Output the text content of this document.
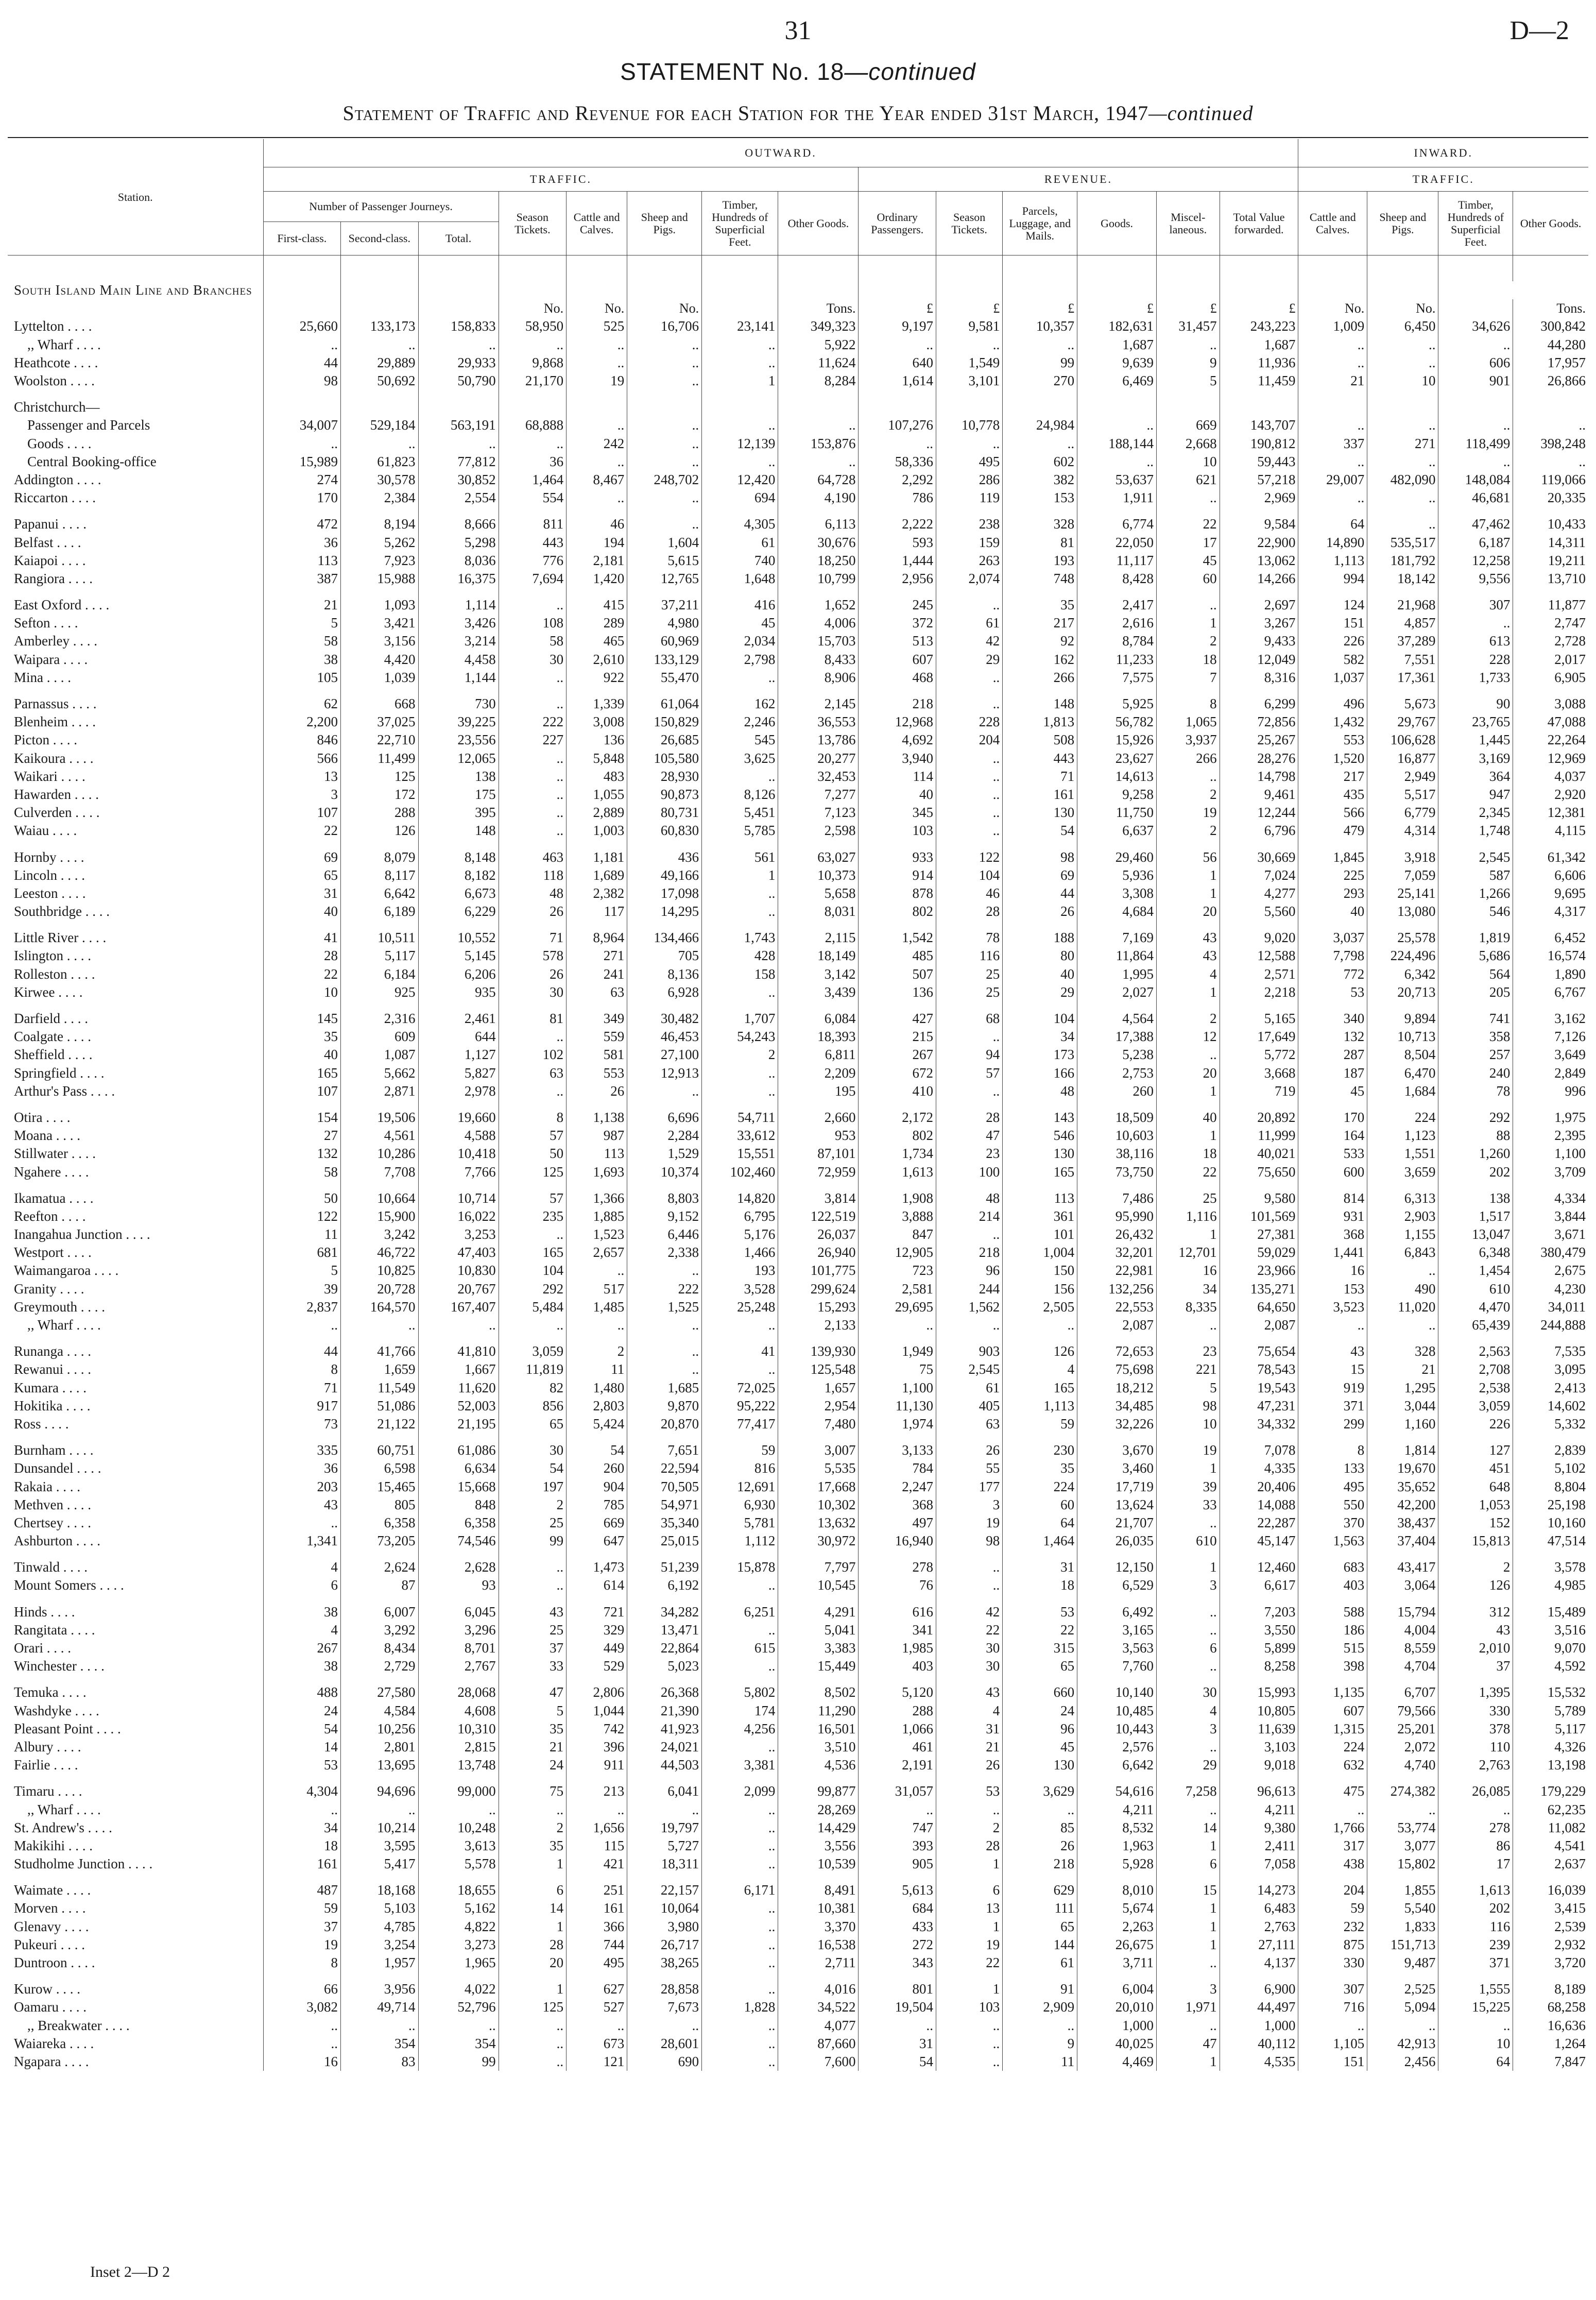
31	D—2
STATEMENT No. 18—continued
Statement of Traffic and Revenue for each Station for the Year ended 31st March, 1947—continued
Station.	OUTWARD.														INWARD.			
	TRAFFIC.								REVENUE.						TRAFFIC.			
	Number of Passenger Journeys.			Season Tickets.	Cattle and Calves.	Sheep and Pigs.	Timber, Hundreds of Superficial Feet.	Other Goods.	Ordinary Passengers.	Season Tickets.	Parcels, Luggage, and Mails.	Goods.	Miscel-laneous.	Total Value forwarded.	Cattle and Calves.	Sheep and Pigs.	Timber, Hundreds of Superficial Feet.	Other Goods.
	First-class.	Second-class.	Total.															

South Island Main Line and Branches																		
				No.	No.	No.		Tons.	£	£	£	£	£	£	No.	No.		Tons.
Lyttelton . . . .	25,660	133,173	158,833	58,950	525	16,706	23,141	349,323	9,197	9,581	10,357	182,631	31,457	243,223	1,009	6,450	34,626	300,842
,, Wharf . . . .	..	..	..	..	..	..	..	5,922	..	..	..	1,687	..	1,687	..	..	..	44,280
Heathcote . . . .	44	29,889	29,933	9,868	..	..	..	11,624	640	1,549	99	9,639	9	11,936	..	..	606	17,957
Woolston . . . .	98	50,692	50,790	21,170	19	..	1	8,284	1,614	3,101	270	6,469	5	11,459	21	10	901	26,866

Christchurch—																		
Passenger and Parcels	34,007	529,184	563,191	68,888	..	..	..	..	107,276	10,778	24,984	..	669	143,707	..	..	..	..
Goods . . . .	..	..	..	..	242	..	12,139	153,876	..	..	..	188,144	2,668	190,812	337	271	118,499	398,248
Central Booking-office	15,989	61,823	77,812	36	..	..	..	..	58,336	495	602	..	10	59,443	..	..	..	..
Addington . . . .	274	30,578	30,852	1,464	8,467	248,702	12,420	64,728	2,292	286	382	53,637	621	57,218	29,007	482,090	148,084	119,066
Riccarton . . . .	170	2,384	2,554	554	..	..	694	4,190	786	119	153	1,911	..	2,969	..	..	46,681	20,335

Papanui . . . .	472	8,194	8,666	811	46	..	4,305	6,113	2,222	238	328	6,774	22	9,584	64	..	47,462	10,433
Belfast . . . .	36	5,262	5,298	443	194	1,604	61	30,676	593	159	81	22,050	17	22,900	14,890	535,517	6,187	14,311
Kaiapoi . . . .	113	7,923	8,036	776	2,181	5,615	740	18,250	1,444	263	193	11,117	45	13,062	1,113	181,792	12,258	19,211
Rangiora . . . .	387	15,988	16,375	7,694	1,420	12,765	1,648	10,799	2,956	2,074	748	8,428	60	14,266	994	18,142	9,556	13,710

East Oxford . . . .	21	1,093	1,114	..	415	37,211	416	1,652	245	..	35	2,417	..	2,697	124	21,968	307	11,877
Sefton . . . .	5	3,421	3,426	108	289	4,980	45	4,006	372	61	217	2,616	1	3,267	151	4,857	..	2,747
Amberley . . . .	58	3,156	3,214	58	465	60,969	2,034	15,703	513	42	92	8,784	2	9,433	226	37,289	613	2,728
Waipara . . . .	38	4,420	4,458	30	2,610	133,129	2,798	8,433	607	29	162	11,233	18	12,049	582	7,551	228	2,017
Mina . . . .	105	1,039	1,144	..	922	55,470	..	8,906	468	..	266	7,575	7	8,316	1,037	17,361	1,733	6,905

Parnassus . . . .	62	668	730	..	1,339	61,064	162	2,145	218	..	148	5,925	8	6,299	496	5,673	90	3,088
Blenheim . . . .	2,200	37,025	39,225	222	3,008	150,829	2,246	36,553	12,968	228	1,813	56,782	1,065	72,856	1,432	29,767	23,765	47,088
Picton . . . .	846	22,710	23,556	227	136	26,685	545	13,786	4,692	204	508	15,926	3,937	25,267	553	106,628	1,445	22,264
Kaikoura . . . .	566	11,499	12,065	..	5,848	105,580	3,625	20,277	3,940	..	443	23,627	266	28,276	1,520	16,877	3,169	12,969
Waikari . . . .	13	125	138	..	483	28,930	..	32,453	114	..	71	14,613	..	14,798	217	2,949	364	4,037
Hawarden . . . .	3	172	175	..	1,055	90,873	8,126	7,277	40	..	161	9,258	2	9,461	435	5,517	947	2,920
Culverden . . . .	107	288	395	..	2,889	80,731	5,451	7,123	345	..	130	11,750	19	12,244	566	6,779	2,345	12,381
Waiau . . . .	22	126	148	..	1,003	60,830	5,785	2,598	103	..	54	6,637	2	6,796	479	4,314	1,748	4,115

Hornby . . . .	69	8,079	8,148	463	1,181	436	561	63,027	933	122	98	29,460	56	30,669	1,845	3,918	2,545	61,342
Lincoln . . . .	65	8,117	8,182	118	1,689	49,166	1	10,373	914	104	69	5,936	1	7,024	225	7,059	587	6,606
Leeston . . . .	31	6,642	6,673	48	2,382	17,098	..	5,658	878	46	44	3,308	1	4,277	293	25,141	1,266	9,695
Southbridge . . . .	40	6,189	6,229	26	117	14,295	..	8,031	802	28	26	4,684	20	5,560	40	13,080	546	4,317

Little River . . . .	41	10,511	10,552	71	8,964	134,466	1,743	2,115	1,542	78	188	7,169	43	9,020	3,037	25,578	1,819	6,452
Islington . . . .	28	5,117	5,145	578	271	705	428	18,149	485	116	80	11,864	43	12,588	7,798	224,496	5,686	16,574
Rolleston . . . .	22	6,184	6,206	26	241	8,136	158	3,142	507	25	40	1,995	4	2,571	772	6,342	564	1,890
Kirwee . . . .	10	925	935	30	63	6,928	..	3,439	136	25	29	2,027	1	2,218	53	20,713	205	6,767

Darfield . . . .	145	2,316	2,461	81	349	30,482	1,707	6,084	427	68	104	4,564	2	5,165	340	9,894	741	3,162
Coalgate . . . .	35	609	644	..	559	46,453	54,243	18,393	215	..	34	17,388	12	17,649	132	10,713	358	7,126
Sheffield . . . .	40	1,087	1,127	102	581	27,100	2	6,811	267	94	173	5,238	..	5,772	287	8,504	257	3,649
Springfield . . . .	165	5,662	5,827	63	553	12,913	..	2,209	672	57	166	2,753	20	3,668	187	6,470	240	2,849
Arthur's Pass . . . .	107	2,871	2,978	..	26	..	..	195	410	..	48	260	1	719	45	1,684	78	996

Otira . . . .	154	19,506	19,660	8	1,138	6,696	54,711	2,660	2,172	28	143	18,509	40	20,892	170	224	292	1,975
Moana . . . .	27	4,561	4,588	57	987	2,284	33,612	953	802	47	546	10,603	1	11,999	164	1,123	88	2,395
Stillwater . . . .	132	10,286	10,418	50	113	1,529	15,551	87,101	1,734	23	130	38,116	18	40,021	533	1,551	1,260	1,100
Ngahere . . . .	58	7,708	7,766	125	1,693	10,374	102,460	72,959	1,613	100	165	73,750	22	75,650	600	3,659	202	3,709

Ikamatua . . . .	50	10,664	10,714	57	1,366	8,803	14,820	3,814	1,908	48	113	7,486	25	9,580	814	6,313	138	4,334
Reefton . . . .	122	15,900	16,022	235	1,885	9,152	6,795	122,519	3,888	214	361	95,990	1,116	101,569	931	2,903	1,517	3,844
Inangahua Junction . . . .	11	3,242	3,253	..	1,523	6,446	5,176	26,037	847	..	101	26,432	1	27,381	368	1,155	13,047	3,671
Westport . . . .	681	46,722	47,403	165	2,657	2,338	1,466	26,940	12,905	218	1,004	32,201	12,701	59,029	1,441	6,843	6,348	380,479
Waimangaroa . . . .	5	10,825	10,830	104	..	..	193	101,775	723	96	150	22,981	16	23,966	16	..	1,454	2,675
Granity . . . .	39	20,728	20,767	292	517	222	3,528	299,624	2,581	244	156	132,256	34	135,271	153	490	610	4,230
Greymouth . . . .	2,837	164,570	167,407	5,484	1,485	1,525	25,248	15,293	29,695	1,562	2,505	22,553	8,335	64,650	3,523	11,020	4,470	34,011
,, Wharf . . . .	..	..	..	..	..	..	..	2,133	..	..	..	2,087	..	2,087	..	..	65,439	244,888

Runanga . . . .	44	41,766	41,810	3,059	2	..	41	139,930	1,949	903	126	72,653	23	75,654	43	328	2,563	7,535
Rewanui . . . .	8	1,659	1,667	11,819	11	..	..	125,548	75	2,545	4	75,698	221	78,543	15	21	2,708	3,095
Kumara . . . .	71	11,549	11,620	82	1,480	1,685	72,025	1,657	1,100	61	165	18,212	5	19,543	919	1,295	2,538	2,413
Hokitika . . . .	917	51,086	52,003	856	2,803	9,870	95,222	2,954	11,130	405	1,113	34,485	98	47,231	371	3,044	3,059	14,602
Ross . . . .	73	21,122	21,195	65	5,424	20,870	77,417	7,480	1,974	63	59	32,226	10	34,332	299	1,160	226	5,332

Burnham . . . .	335	60,751	61,086	30	54	7,651	59	3,007	3,133	26	230	3,670	19	7,078	8	1,814	127	2,839
Dunsandel . . . .	36	6,598	6,634	54	260	22,594	816	5,535	784	55	35	3,460	1	4,335	133	19,670	451	5,102
Rakaia . . . .	203	15,465	15,668	197	904	70,505	12,691	17,668	2,247	177	224	17,719	39	20,406	495	35,652	648	8,804
Methven . . . .	43	805	848	2	785	54,971	6,930	10,302	368	3	60	13,624	33	14,088	550	42,200	1,053	25,198
Chertsey . . . .	..	6,358	6,358	25	669	35,340	5,781	13,632	497	19	64	21,707	..	22,287	370	38,437	152	10,160
Ashburton . . . .	1,341	73,205	74,546	99	647	25,015	1,112	30,972	16,940	98	1,464	26,035	610	45,147	1,563	37,404	15,813	47,514

Tinwald . . . .	4	2,624	2,628	..	1,473	51,239	15,878	7,797	278	..	31	12,150	1	12,460	683	43,417	2	3,578
Mount Somers . . . .	6	87	93	..	614	6,192	..	10,545	76	..	18	6,529	3	6,617	403	3,064	126	4,985

Hinds . . . .	38	6,007	6,045	43	721	34,282	6,251	4,291	616	42	53	6,492	..	7,203	588	15,794	312	15,489
Rangitata . . . .	4	3,292	3,296	25	329	13,471	..	5,041	341	22	22	3,165	..	3,550	186	4,004	43	3,516
Orari . . . .	267	8,434	8,701	37	449	22,864	615	3,383	1,985	30	315	3,563	6	5,899	515	8,559	2,010	9,070
Winchester . . . .	38	2,729	2,767	33	529	5,023	..	15,449	403	30	65	7,760	..	8,258	398	4,704	37	4,592

Temuka . . . .	488	27,580	28,068	47	2,806	26,368	5,802	8,502	5,120	43	660	10,140	30	15,993	1,135	6,707	1,395	15,532
Washdyke . . . .	24	4,584	4,608	5	1,044	21,390	174	11,290	288	4	24	10,485	4	10,805	607	79,566	330	5,789
Pleasant Point . . . .	54	10,256	10,310	35	742	41,923	4,256	16,501	1,066	31	96	10,443	3	11,639	1,315	25,201	378	5,117
Albury . . . .	14	2,801	2,815	21	396	24,021	..	3,510	461	21	45	2,576	..	3,103	224	2,072	110	4,326
Fairlie . . . .	53	13,695	13,748	24	911	44,503	3,381	4,536	2,191	26	130	6,642	29	9,018	632	4,740	2,763	13,198

Timaru . . . .	4,304	94,696	99,000	75	213	6,041	2,099	99,877	31,057	53	3,629	54,616	7,258	96,613	475	274,382	26,085	179,229
,, Wharf . . . .	..	..	..	..	..	..	..	28,269	..	..	..	4,211	..	4,211	..	..	..	62,235
St. Andrew's . . . .	34	10,214	10,248	2	1,656	19,797	..	14,429	747	2	85	8,532	14	9,380	1,766	53,774	278	11,082
Makikihi . . . .	18	3,595	3,613	35	115	5,727	..	3,556	393	28	26	1,963	1	2,411	317	3,077	86	4,541
Studholme Junction . . . .	161	5,417	5,578	1	421	18,311	..	10,539	905	1	218	5,928	6	7,058	438	15,802	17	2,637

Waimate . . . .	487	18,168	18,655	6	251	22,157	6,171	8,491	5,613	6	629	8,010	15	14,273	204	1,855	1,613	16,039
Morven . . . .	59	5,103	5,162	14	161	10,064	..	10,381	684	13	111	5,674	1	6,483	59	5,540	202	3,415
Glenavy . . . .	37	4,785	4,822	1	366	3,980	..	3,370	433	1	65	2,263	1	2,763	232	1,833	116	2,539
Pukeuri . . . .	19	3,254	3,273	28	744	26,717	..	16,538	272	19	144	26,675	1	27,111	875	151,713	239	2,932
Duntroon . . . .	8	1,957	1,965	20	495	38,265	..	2,711	343	22	61	3,711	..	4,137	330	9,487	371	3,720

Kurow . . . .	66	3,956	4,022	1	627	28,858	..	4,016	801	1	91	6,004	3	6,900	307	2,525	1,555	8,189
Oamaru . . . .	3,082	49,714	52,796	125	527	7,673	1,828	34,522	19,504	103	2,909	20,010	1,971	44,497	716	5,094	15,225	68,258
,, Breakwater . . . .	..	..	..	..	..	..	..	4,077	..	..	..	1,000	..	1,000	..	..	..	16,636
Waiareka . . . .	..	354	354	..	673	28,601	..	87,660	31	..	9	40,025	47	40,112	1,105	42,913	10	1,264
Ngapara . . . .	16	83	99	..	121	690	..	7,600	54	..	11	4,469	1	4,535	151	2,456	64	7,847
Inset 2—D 2
